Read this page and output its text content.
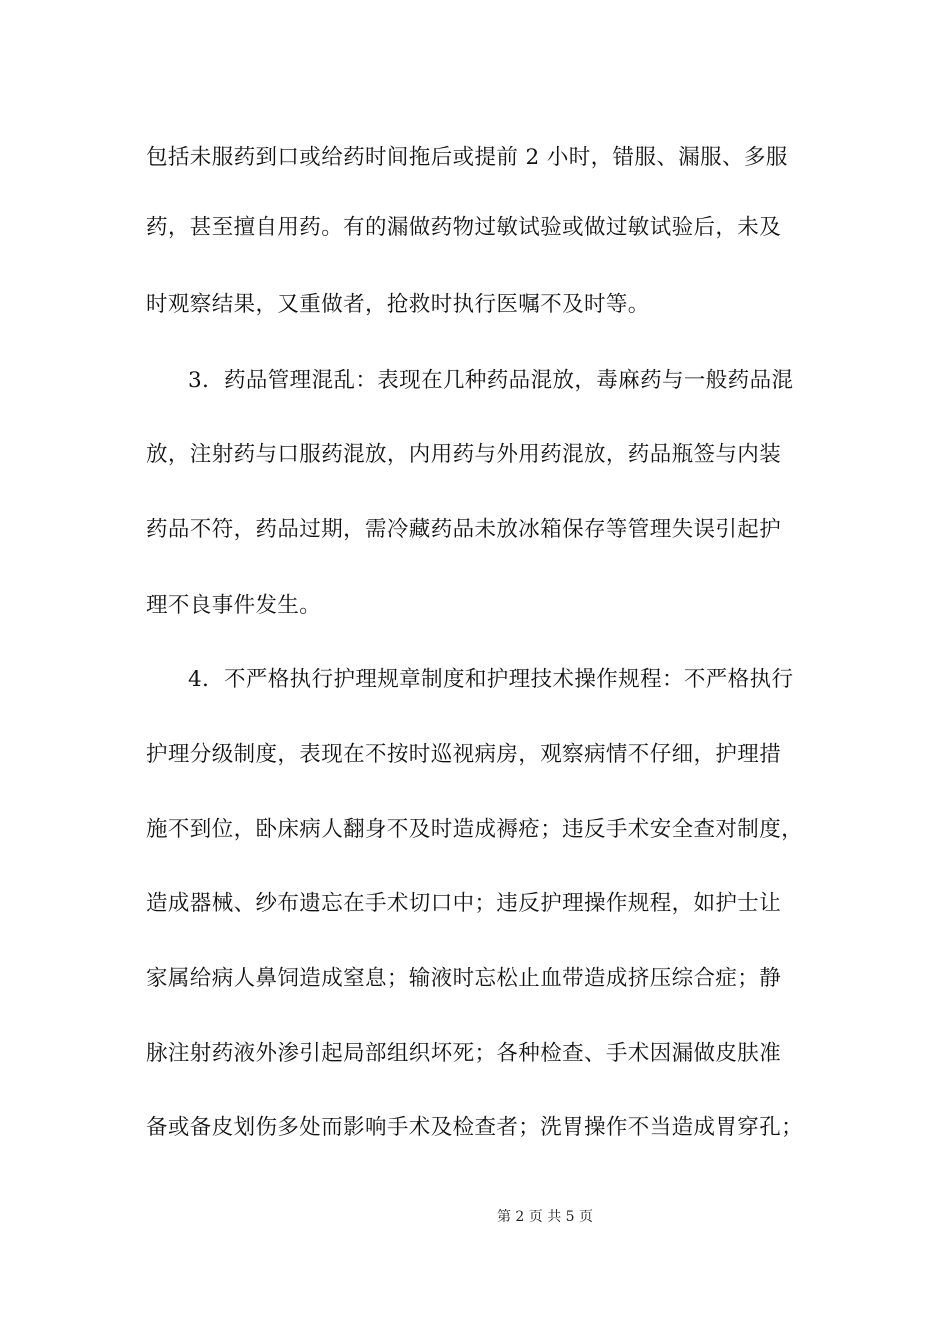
包括未服药到口或给药时间拖后或提前 2 小时，错服、漏服、多服
药，甚至擅自用药。有的漏做药物过敏试验或做过敏试验后，未及
时观察结果，又重做者，抢救时执行医嘱不及时等。
3．药品管理混乱：表现在几种药品混放，毒麻药与一般药品混
放，注射药与口服药混放，内用药与外用药混放，药品瓶签与内装
药品不符，药品过期，需冷藏药品未放冰箱保存等管理失误引起护
理不良事件发生。
4．不严格执行护理规章制度和护理技术操作规程：不严格执行
护理分级制度，表现在不按时巡视病房，观察病情不仔细，护理措
施不到位，卧床病人翻身不及时造成褥疮；违反手术安全查对制度，
造成器械、纱布遗忘在手术切口中；违反护理操作规程，如护士让
家属给病人鼻饲造成窒息；输液时忘松止血带造成挤压综合症；静
脉注射药液外渗引起局部组织坏死；各种检查、手术因漏做皮肤准
备或备皮划伤多处而影响手术及检查者；洗胃操作不当造成胃穿孔；
第 2 页 共 5 页
